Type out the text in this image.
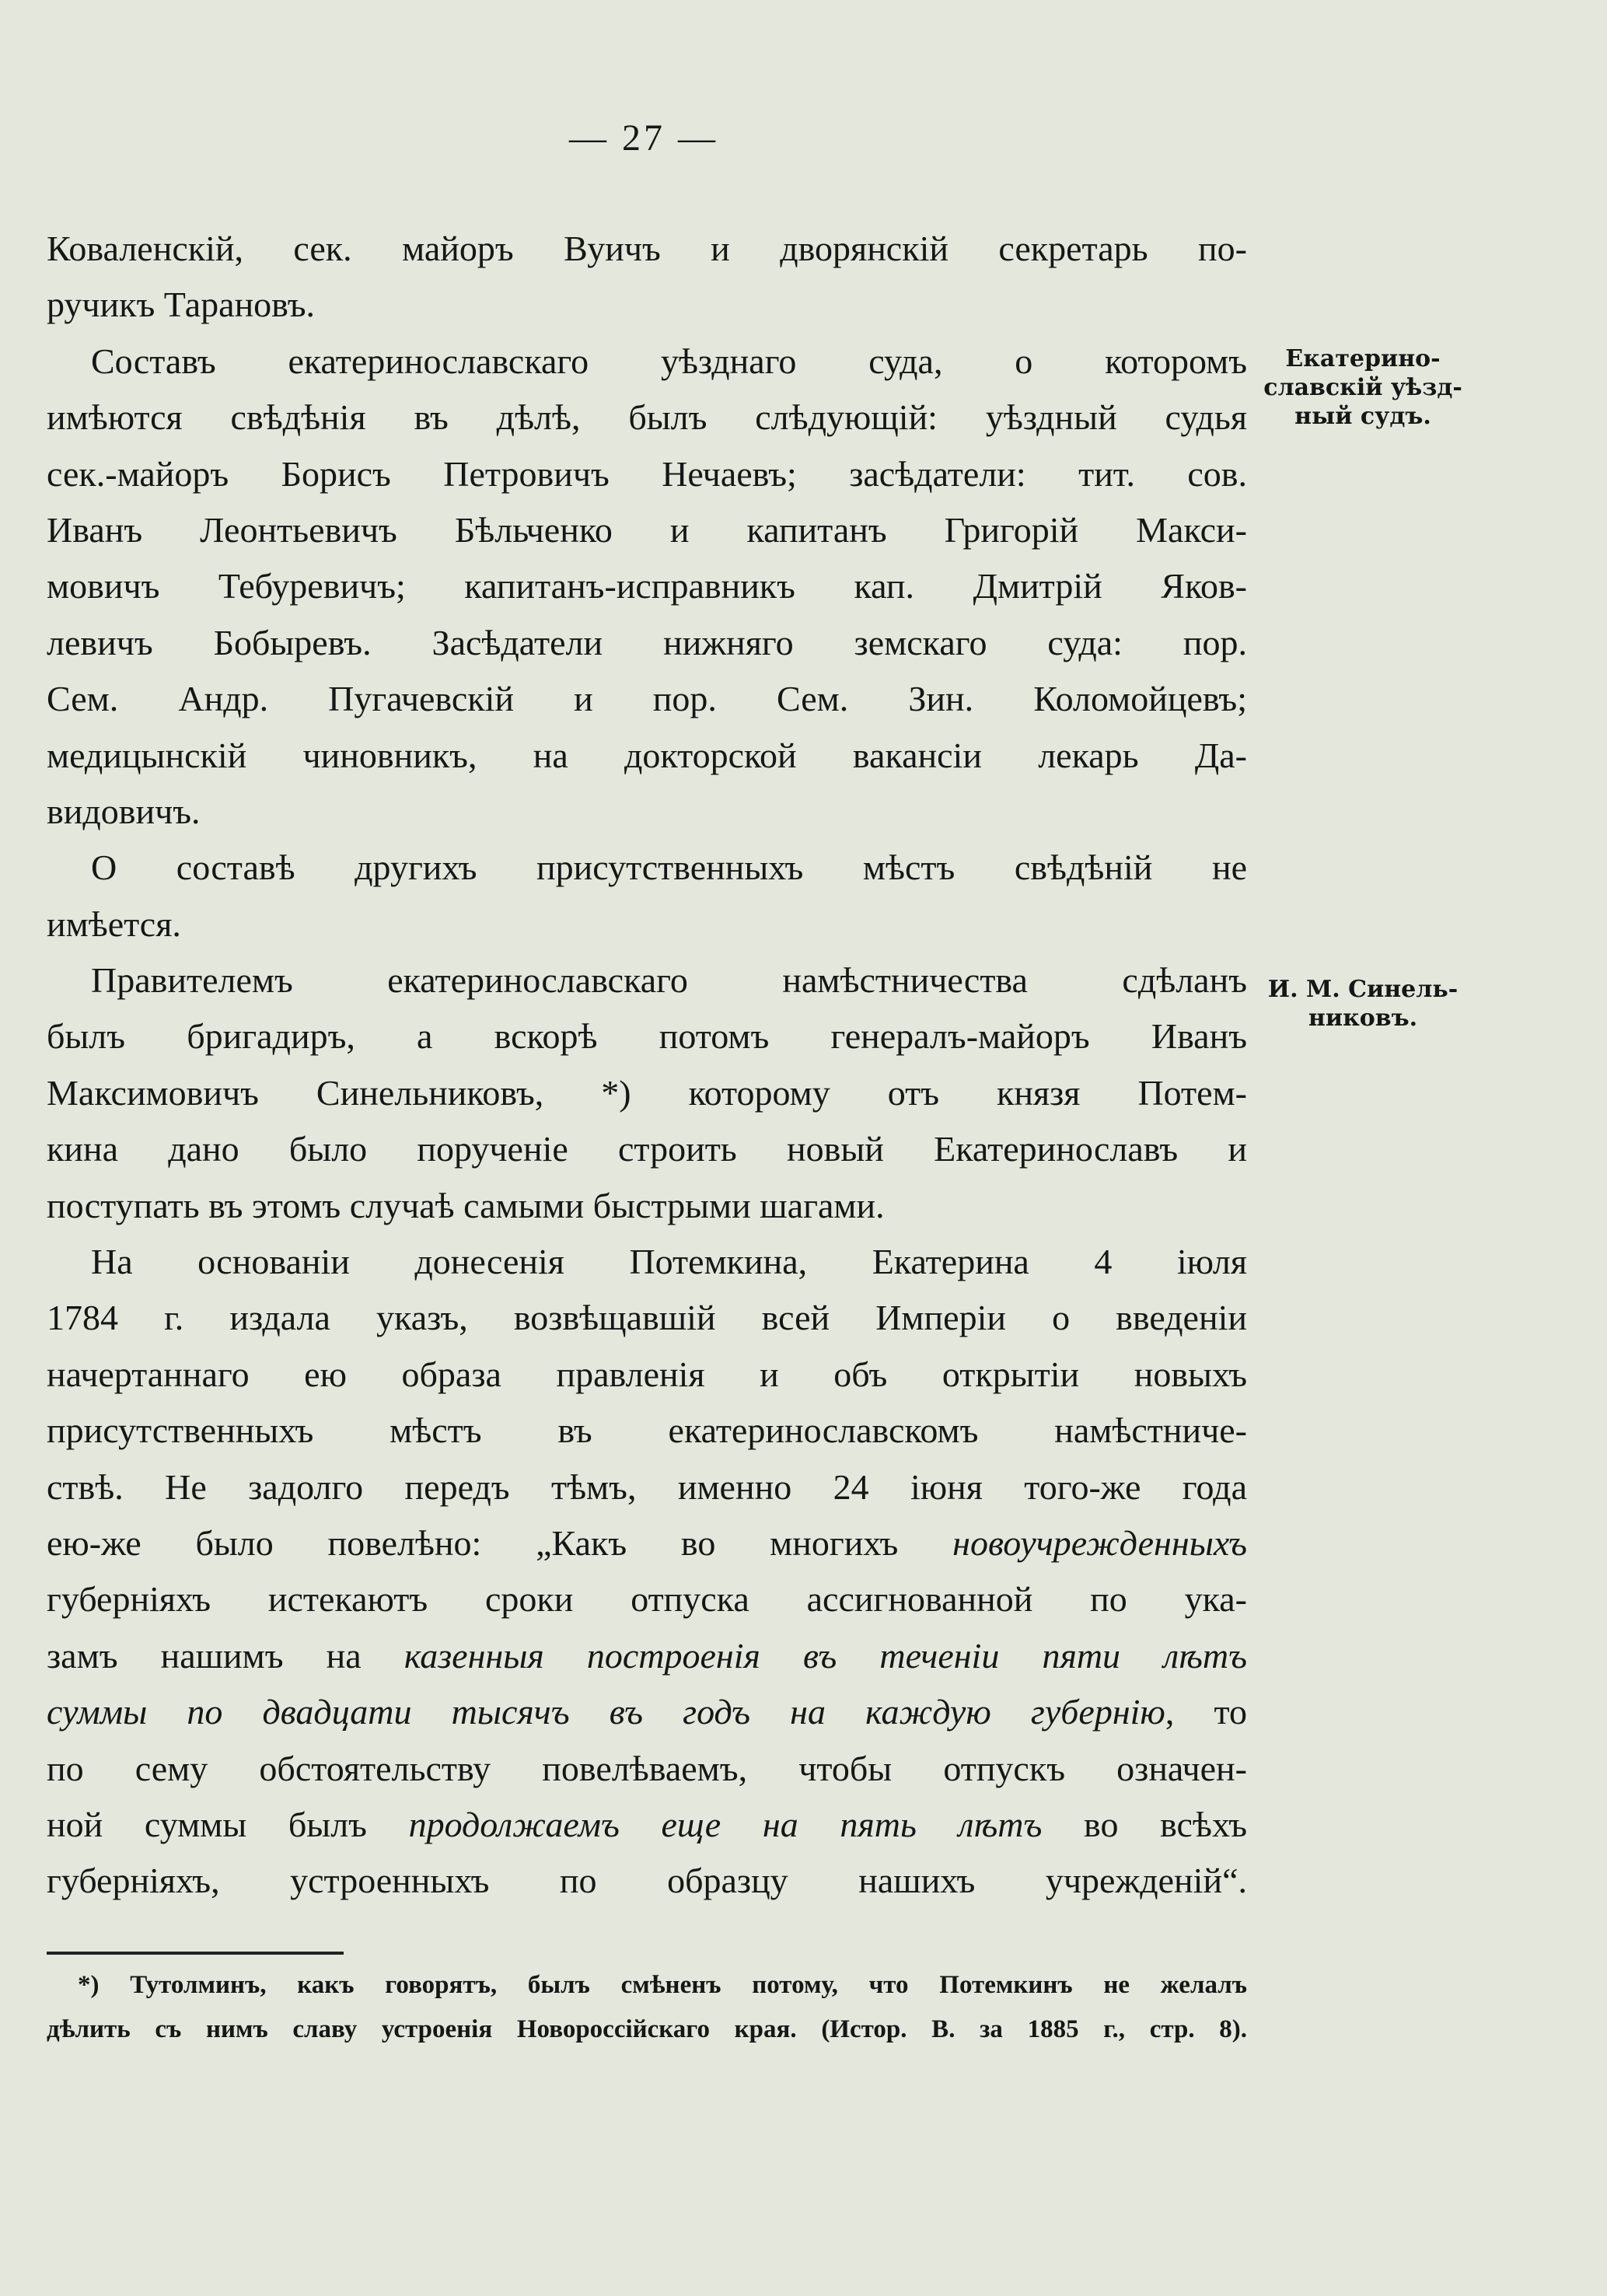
— 27 —
Коваленскій, сек. майоръ Вуичъ и дворянскій секретарь по-
ручикъ Тарановъ.
Составъ екатеринославскаго уѣзднаго суда, о которомъ
имѣются свѣдѣнія въ дѣлѣ, былъ слѣдующій: уѣздный судья
сек.-майоръ Борисъ Петровичъ Нечаевъ; засѣдатели: тит. сов.
Иванъ Леонтьевичъ Бѣльченко и капитанъ Григорій Макси-
мовичъ Тебуревичъ; капитанъ-исправникъ кап. Дмитрій Яков-
левичъ Бобыревъ. Засѣдатели нижняго земскаго суда: пор.
Сем. Андр. Пугачевскій и пор. Сем. Зин. Коломойцевъ;
медицынскій чиновникъ, на докторской вакансіи лекарь Да-
видовичъ.
О составѣ другихъ присутственныхъ мѣстъ свѣдѣній не
имѣется.
Правителемъ екатеринославскаго намѣстничества сдѣланъ
былъ бригадиръ, а вскорѣ потомъ генералъ-майоръ Иванъ
Максимовичъ Синельниковъ, *) которому отъ князя Потем-
кина дано было порученіе строить новый Екатеринославъ и
поступать въ этомъ случаѣ самыми быстрыми шагами.
На основаніи донесенія Потемкина, Екатерина 4 іюля
1784 г. издала указъ, возвѣщавшій всей Имперіи о введеніи
начертаннаго ею образа правленія и объ открытіи новыхъ
присутственныхъ мѣстъ въ екатеринославскомъ намѣстниче-
ствѣ. Не задолго передъ тѣмъ, именно 24 іюня того-же года
ею-же было повелѣно: „Какъ во многихъ новоучрежденныхъ
губерніяхъ истекаютъ сроки отпуска ассигнованной по ука-
замъ нашимъ на казенныя построенія въ теченіи пяти лѣтъ
суммы по двадцати тысячъ въ годъ на каждую губернію, то
по сему обстоятельству повелѣваемъ, чтобы отпускъ означен-
ной суммы былъ продолжаемъ еще на пять лѣтъ во всѣхъ
губерніяхъ, устроенныхъ по образцу нашихъ учрежденій“.
Екатерино-
славскій уѣзд-
ный судъ.
И. М. Синель-
никовъ.
*) Тутолминъ, какъ говорятъ, былъ смѣненъ потому, что Потемкинъ не желалъ
дѣлить съ нимъ славу устроенія Новороссійскаго края. (Истор. В. за 1885 г., стр. 8).
